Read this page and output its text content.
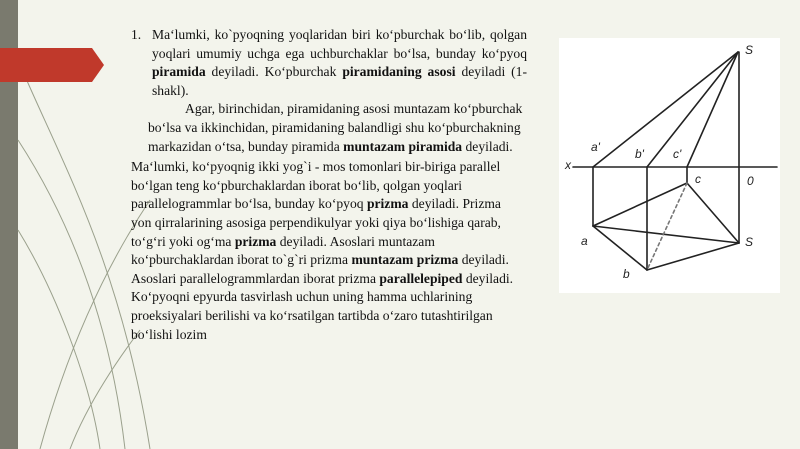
1. Ma‘lumki, ko`pyoqning yoqlaridan biri ko‘pburchak bo‘lib, qolgan yoqlari umumiy uchga ega uchburchaklar bo‘lsa, bunday ko‘pyoq piramida deyiladi. Ko‘pburchak piramidaning asosi deyiladi (1-shakl).

Agar, birinchidan, piramidaning asosi muntazam ko‘pburchak bo‘lsa va ikkinchidan, piramidaning balandligi shu ko‘pburchakning markazidan o‘tsa, bunday piramida muntazam piramida deyiladi.

Ma‘lumki, ko‘pyoqnig ikki yog`i - mos tomonlari bir-biriga parallel bo‘lgan teng ko‘pburchaklardan iborat bo‘lib, qolgan yoqlari parallelogrammlar bo‘lsa, bunday ko‘pyoq prizma deyiladi. Prizma yon qirralarining asosiga perpendikulyar yoki qiya bo‘lishiga qarab, to‘g‘ri yoki og‘ma prizma deyiladi. Asoslari muntazam ko‘pburchaklardan iborat to`g`ri prizma muntazam prizma deyiladi. Asoslari parallelogrammlardan iborat prizma parallelepiped deyiladi. Ko‘pyoqni epyurda tasvirlash uchun uning hamma uchlarining proeksiyalari berilishi va ko‘rsatilgan tartibda o‘zaro tutashtirilgan bo‘lishi lozim

S
a'	b' c'
x
0
c
a	S
b
